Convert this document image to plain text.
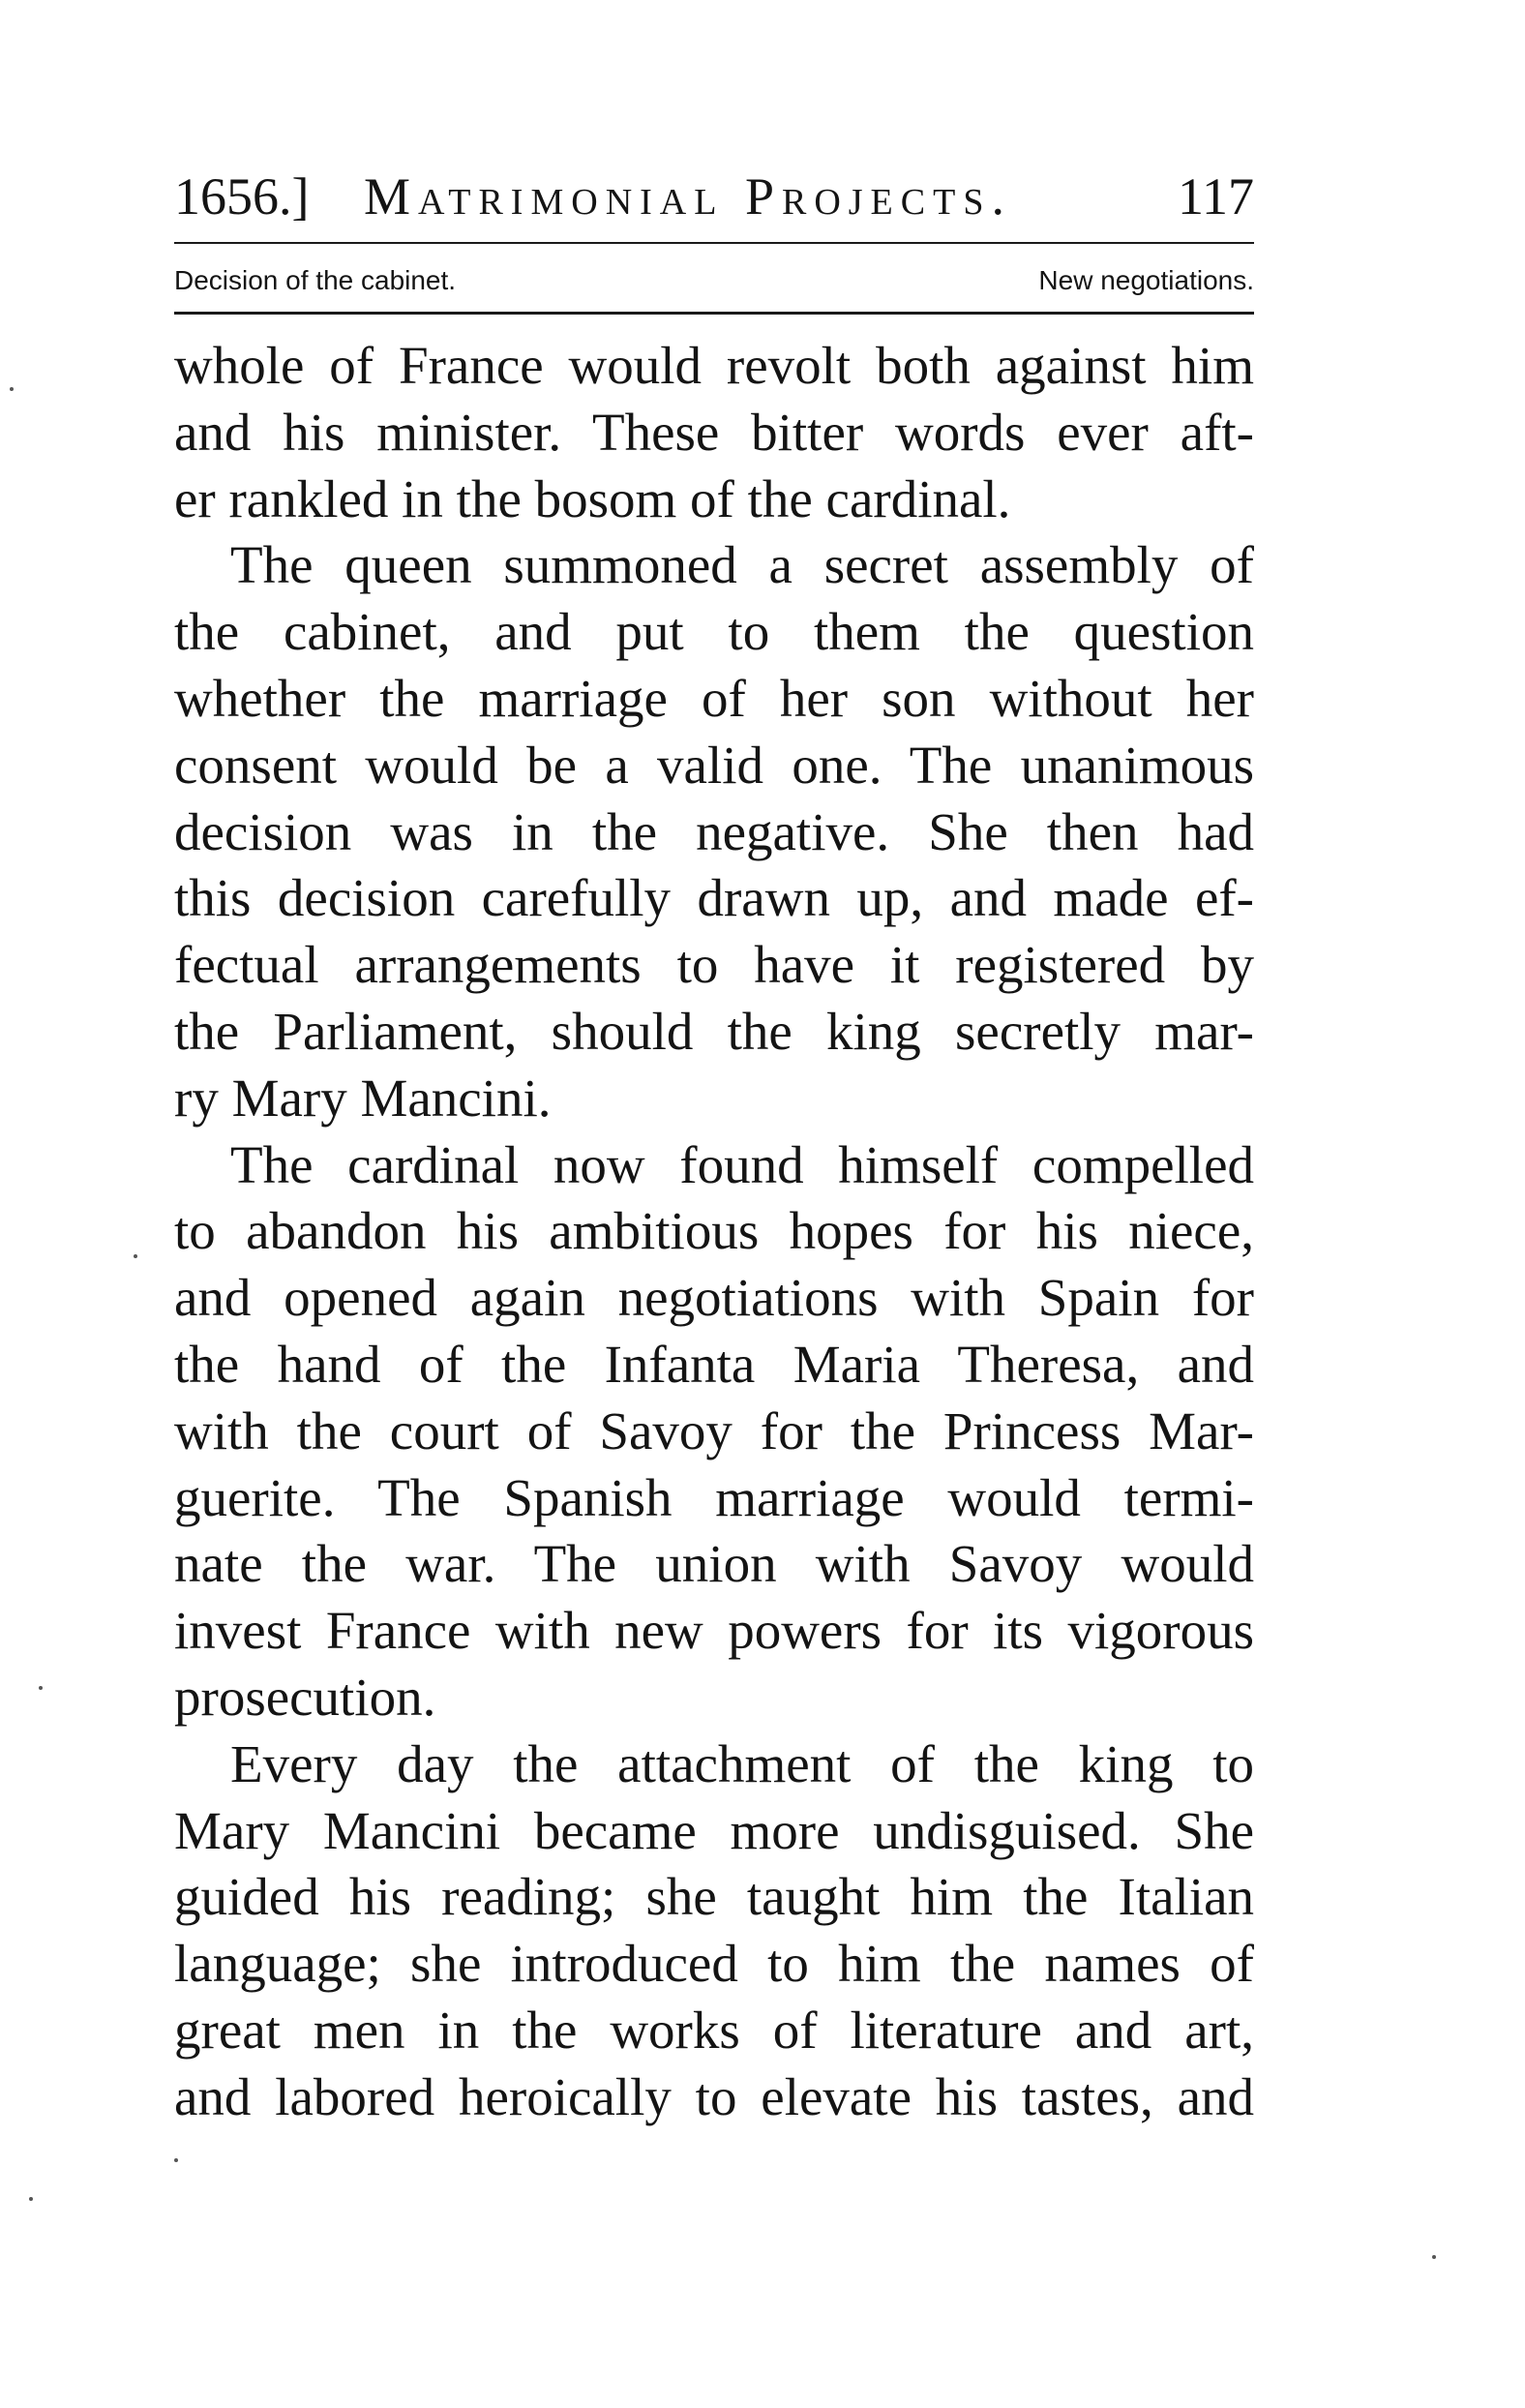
1656.] Matrimonial Projects.	117
Decision of the cabinet.	New negotiations.
whole of France would revolt both against him
and his minister. These bitter words ever aft-
er rankled in the bosom of the cardinal.
The queen summoned a secret assembly of
the cabinet, and put to them the question
whether the marriage of her son without her
consent would be a valid one. The unanimous
decision was in the negative. She then had
this decision carefully drawn up, and made ef-
fectual arrangements to have it registered by
the Parliament, should the king secretly mar-
ry Mary Mancini.
The cardinal now found himself compelled
to abandon his ambitious hopes for his niece,
and opened again negotiations with Spain for
the hand of the Infanta Maria Theresa, and
with the court of Savoy for the Princess Mar-
guerite. The Spanish marriage would termi-
nate the war. The union with Savoy would
invest France with new powers for its vigorous
prosecution.
Every day the attachment of the king to
Mary Mancini became more undisguised. She
guided his reading; she taught him the Italian
language; she introduced to him the names of
great men in the works of literature and art,
and labored heroically to elevate his tastes, and
